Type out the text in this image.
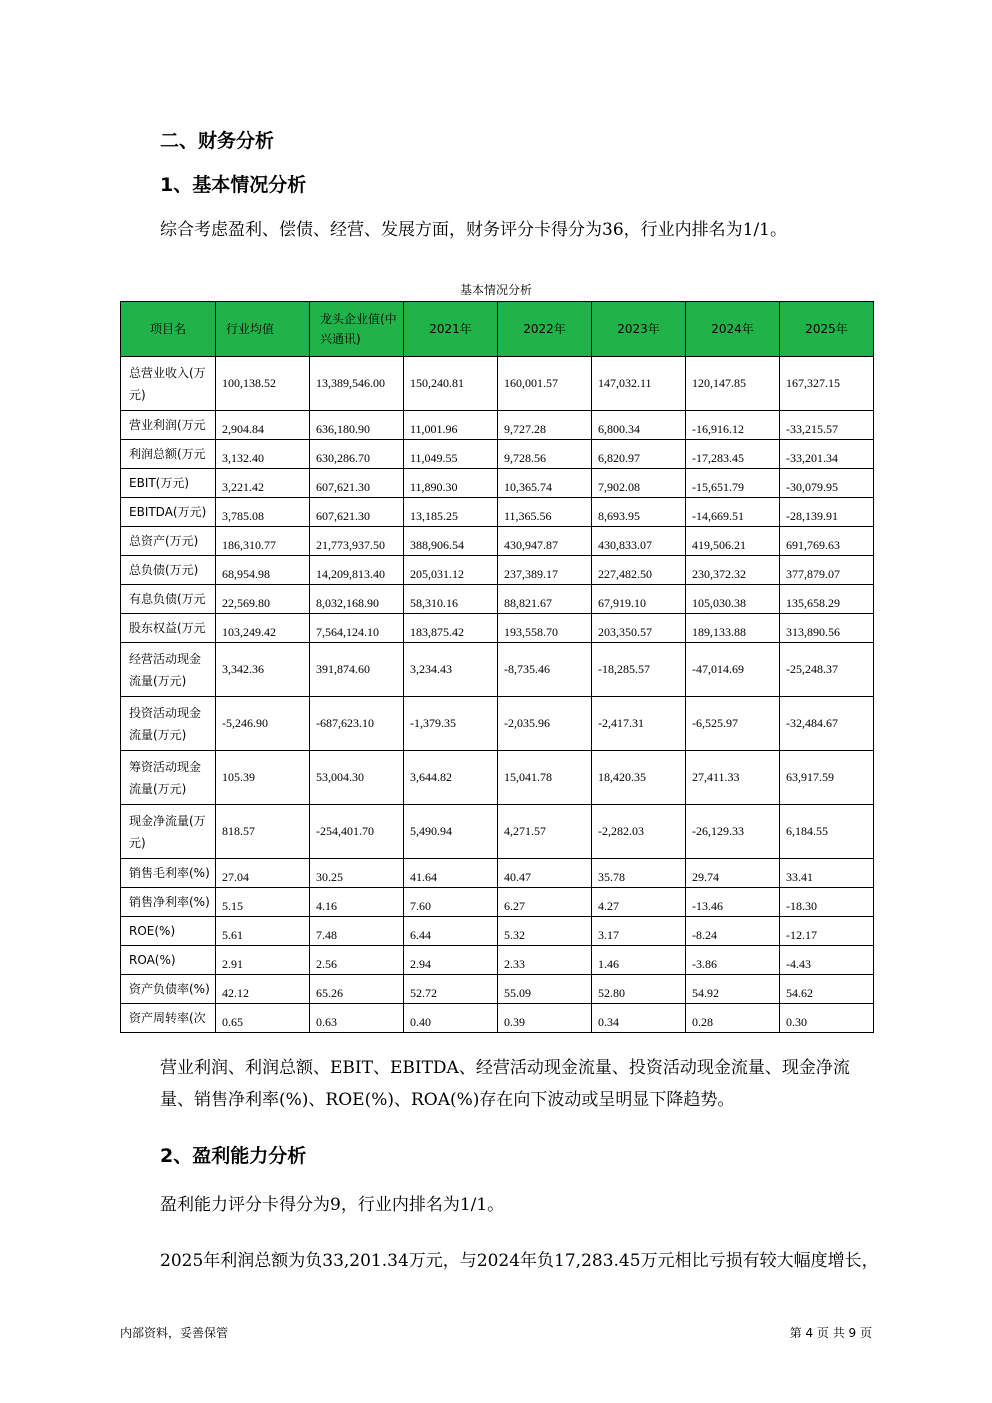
二、财务分析
1、基本情况分析
综合考虑盈利、偿债、经营、发展方面，财务评分卡得分为36，行业内排名为1/1。
基本情况分析
项目名	行业均值	龙头企业值(中兴通讯)	2021年	2022年	2023年	2024年	2025年
总营业收入(万元)	100,138.52	13,389,546.00	150,240.81	160,001.57	147,032.11	120,147.85	167,327.15
营业利润(万元	2,904.84	636,180.90	11,001.96	9,727.28	6,800.34	-16,916.12	-33,215.57
利润总额(万元	3,132.40	630,286.70	11,049.55	9,728.56	6,820.97	-17,283.45	-33,201.34
EBIT(万元)	3,221.42	607,621.30	11,890.30	10,365.74	7,902.08	-15,651.79	-30,079.95
EBITDA(万元)	3,785.08	607,621.30	13,185.25	11,365.56	8,693.95	-14,669.51	-28,139.91
总资产(万元)	186,310.77	21,773,937.50	388,906.54	430,947.87	430,833.07	419,506.21	691,769.63
总负债(万元)	68,954.98	14,209,813.40	205,031.12	237,389.17	227,482.50	230,372.32	377,879.07
有息负债(万元	22,569.80	8,032,168.90	58,310.16	88,821.67	67,919.10	105,030.38	135,658.29
股东权益(万元	103,249.42	7,564,124.10	183,875.42	193,558.70	203,350.57	189,133.88	313,890.56
经营活动现金流量(万元)	3,342.36	391,874.60	3,234.43	-8,735.46	-18,285.57	-47,014.69	-25,248.37
投资活动现金流量(万元)	-5,246.90	-687,623.10	-1,379.35	-2,035.96	-2,417.31	-6,525.97	-32,484.67
筹资活动现金流量(万元)	105.39	53,004.30	3,644.82	15,041.78	18,420.35	27,411.33	63,917.59
现金净流量(万元)	818.57	-254,401.70	5,490.94	4,271.57	-2,282.03	-26,129.33	6,184.55
销售毛利率(%)	27.04	30.25	41.64	40.47	35.78	29.74	33.41
销售净利率(%)	5.15	4.16	7.60	6.27	4.27	-13.46	-18.30
ROE(%)	5.61	7.48	6.44	5.32	3.17	-8.24	-12.17
ROA(%)	2.91	2.56	2.94	2.33	1.46	-3.86	-4.43
资产负债率(%)	42.12	65.26	52.72	55.09	52.80	54.92	54.62
资产周转率(次	0.65	0.63	0.40	0.39	0.34	0.28	0.30
营业利润、利润总额、EBIT、EBITDA、经营活动现金流量、投资活动现金流量、现金净流量、销售净利率(%)、ROE(%)、ROA(%)存在向下波动或呈明显下降趋势。
2、盈利能力分析
盈利能力评分卡得分为9，行业内排名为1/1。
2025年利润总额为负33,201.34万元，与2024年负17,283.45万元相比亏损有较大幅度增长，
内部资料，妥善保管	第 4 页 共 9 页
